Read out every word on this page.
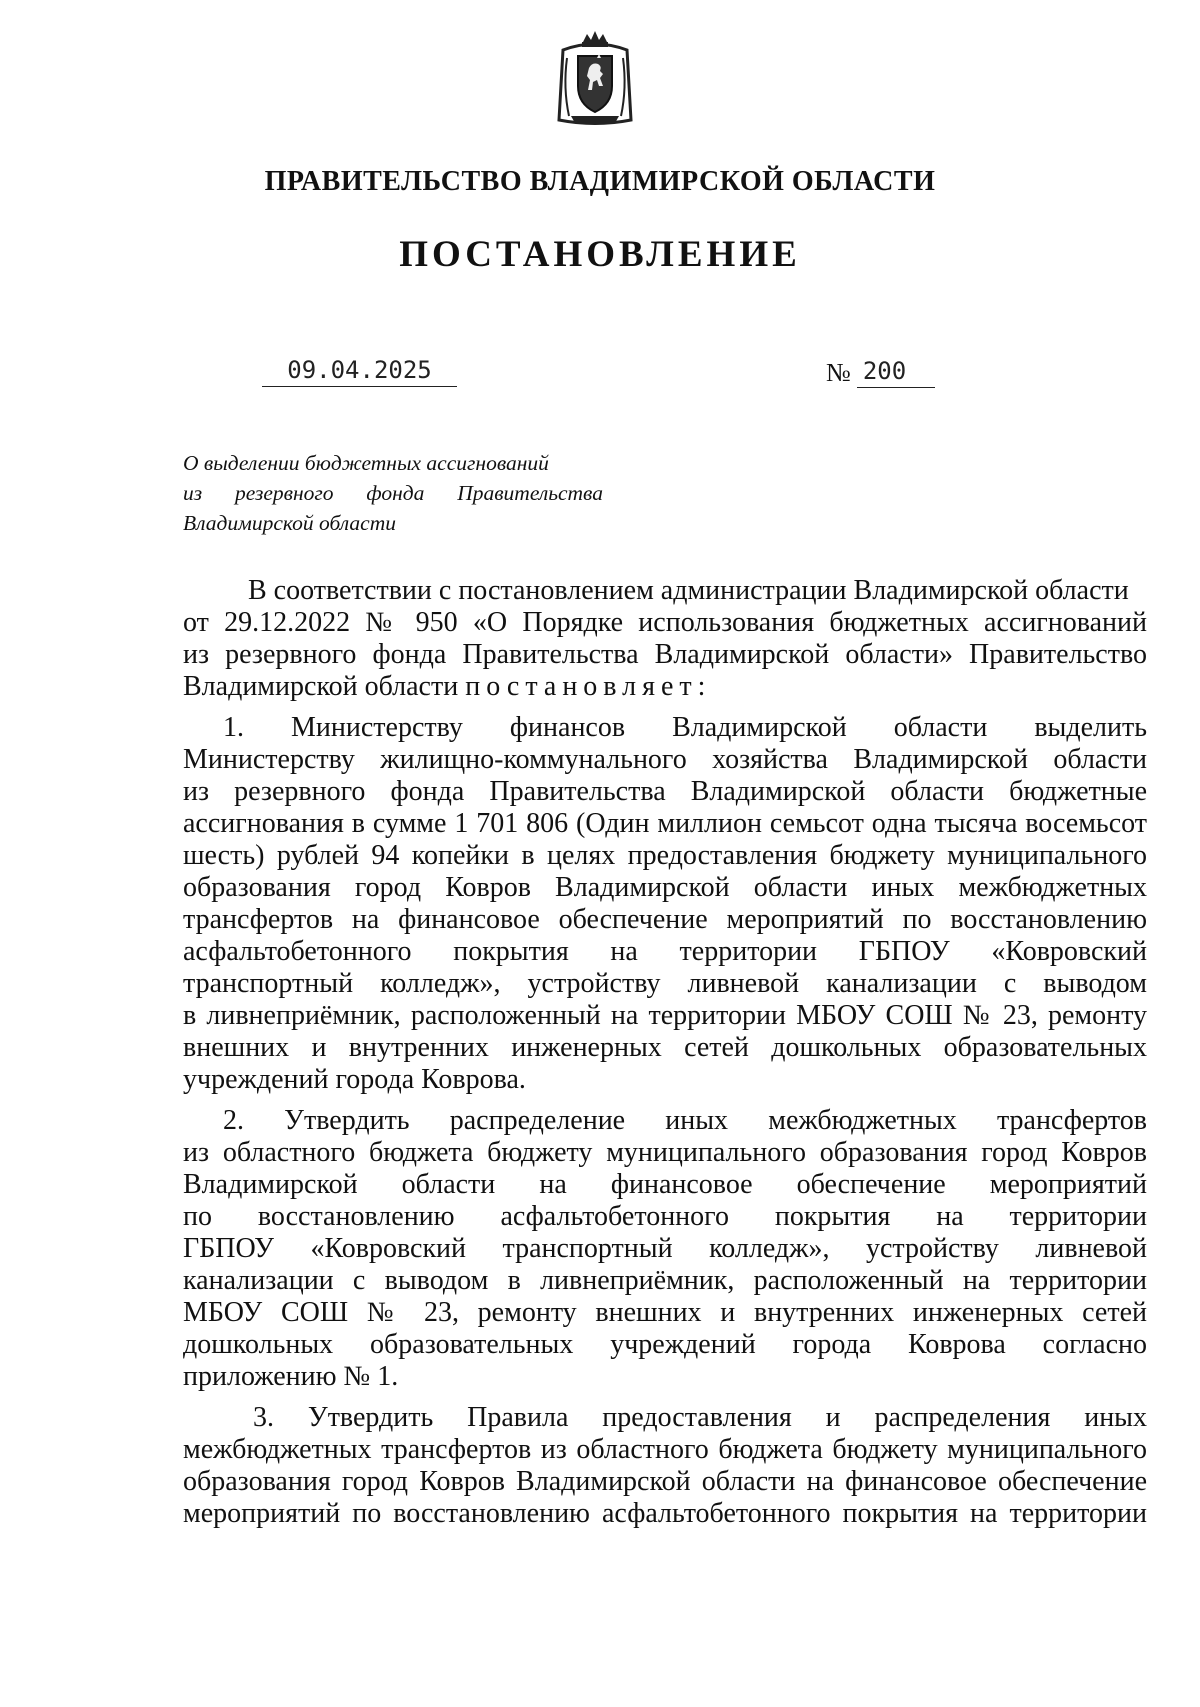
ПРАВИТЕЛЬСТВО ВЛАДИМИРСКОЙ ОБЛАСТИ
ПОСТАНОВЛЕНИЕ
09.04.2025	№ 200
О выделении бюджетных ассигнований
из резервного фонда Правительства
Владимирской области
В соответствии с постановлением администрации Владимирской области
от 29.12.2022 № 950 «О Порядке использования бюджетных ассигнований
из резервного фонда Правительства Владимирской области» Правительство
Владимирской области постановляет:
1. Министерству финансов Владимирской области выделить
Министерству жилищно-коммунального хозяйства Владимирской области
из резервного фонда Правительства Владимирской области бюджетные
ассигнования в сумме 1 701 806 (Один миллион семьсот одна тысяча восемьсот
шесть) рублей 94 копейки в целях предоставления бюджету муниципального
образования город Ковров Владимирской области иных межбюджетных
трансфертов на финансовое обеспечение мероприятий по восстановлению
асфальтобетонного покрытия на территории ГБПОУ «Ковровский
транспортный колледж», устройству ливневой канализации с выводом
в ливнеприёмник, расположенный на территории МБОУ СОШ № 23, ремонту
внешних и внутренних инженерных сетей дошкольных образовательных
учреждений города Коврова.
2. Утвердить распределение иных межбюджетных трансфертов
из областного бюджета бюджету муниципального образования город Ковров
Владимирской области на финансовое обеспечение мероприятий
по восстановлению асфальтобетонного покрытия на территории
ГБПОУ «Ковровский транспортный колледж», устройству ливневой
канализации с выводом в ливнеприёмник, расположенный на территории
МБОУ СОШ № 23, ремонту внешних и внутренних инженерных сетей
дошкольных образовательных учреждений города Коврова согласно
приложению № 1.
3. Утвердить Правила предоставления и распределения иных
межбюджетных трансфертов из областного бюджета бюджету муниципального
образования город Ковров Владимирской области на финансовое обеспечение
мероприятий по восстановлению асфальтобетонного покрытия на территории
